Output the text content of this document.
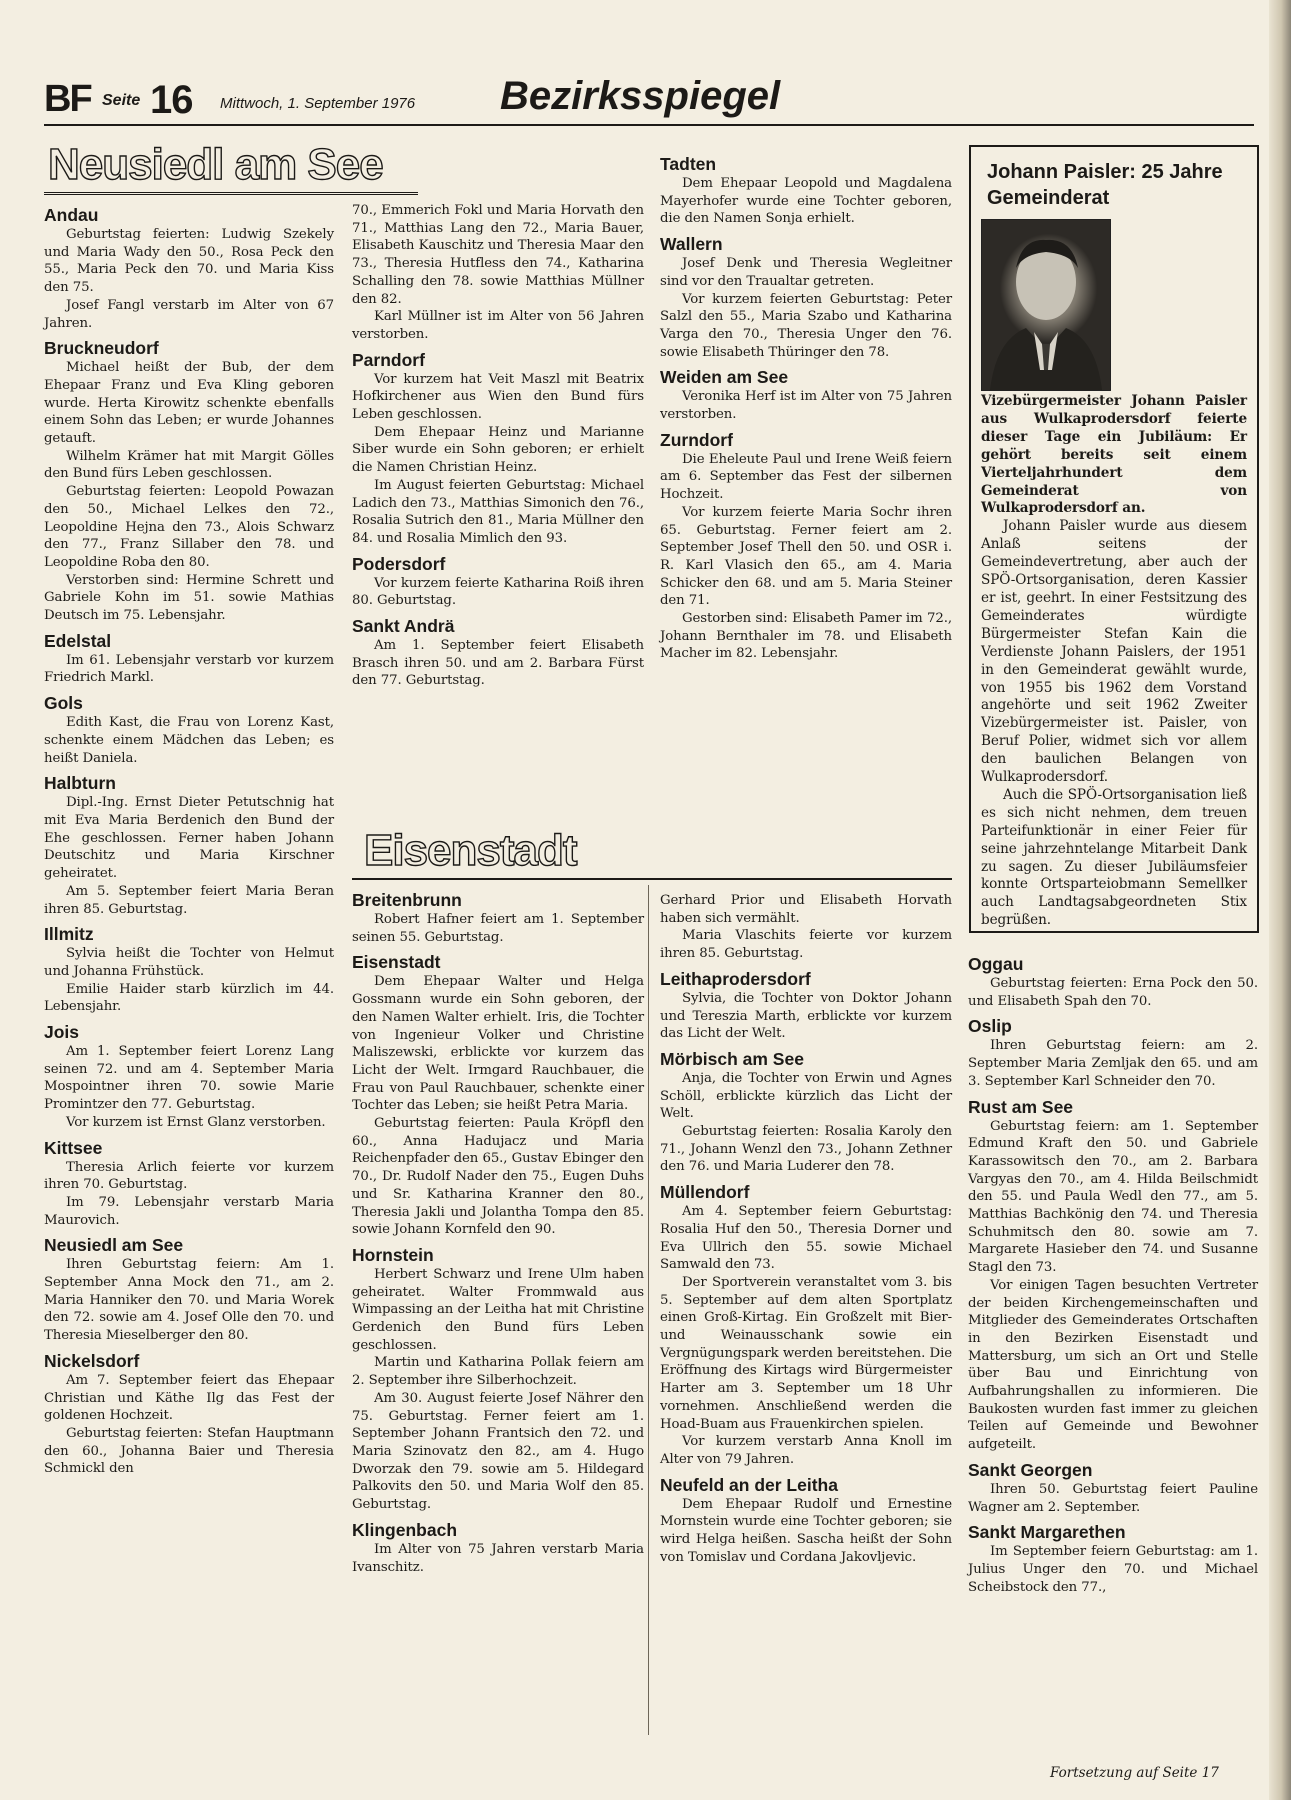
BF Seite 16 Mittwoch, 1. September 1976 Bezirksspiegel
Neusiedl am See
Andau

Geburtstag feierten: Ludwig Szekely und Maria Wady den 50., Rosa Peck den 55., Maria Peck den 70. und Maria Kiss den 75.

Josef Fangl verstarb im Alter von 67 Jahren.

Bruckneudorf

Michael heißt der Bub, der dem Ehepaar Franz und Eva Kling geboren wurde. Herta Kirowitz schenkte ebenfalls einem Sohn das Leben; er wurde Johannes getauft.

Wilhelm Krämer hat mit Margit Gölles den Bund fürs Leben geschlossen.

Geburtstag feierten: Leopold Powazan den 50., Michael Lelkes den 72., Leopoldine Hejna den 73., Alois Schwarz den 77., Franz Sillaber den 78. und Leopoldine Roba den 80.

Verstorben sind: Hermine Schrett und Gabriele Kohn im 51. sowie Mathias Deutsch im 75. Lebensjahr.

Edelstal

Im 61. Lebensjahr verstarb vor kurzem Friedrich Markl.

Gols

Edith Kast, die Frau von Lorenz Kast, schenkte einem Mädchen das Leben; es heißt Daniela.

Halbturn

Dipl.-Ing. Ernst Dieter Petutschnig hat mit Eva Maria Berdenich den Bund der Ehe geschlossen. Ferner haben Johann Deutschitz und Maria Kirschner geheiratet.

Am 5. September feiert Maria Beran ihren 85. Geburtstag.

Illmitz

Sylvia heißt die Tochter von Helmut und Johanna Frühstück.

Emilie Haider starb kürzlich im 44. Lebensjahr.

Jois

Am 1. September feiert Lorenz Lang seinen 72. und am 4. September Maria Mospointner ihren 70. sowie Marie Promintzer den 77. Geburtstag.

Vor kurzem ist Ernst Glanz verstorben.

Kittsee

Theresia Arlich feierte vor kurzem ihren 70. Geburtstag.

Im 79. Lebensjahr verstarb Maria Maurovich.

Neusiedl am See

Ihren Geburtstag feiern: Am 1. September Anna Mock den 71., am 2. Maria Hanniker den 70. und Maria Worek den 72. sowie am 4. Josef Olle den 70. und Theresia Mieselberger den 80.

Nickelsdorf

Am 7. September feiert das Ehepaar Christian und Käthe Ilg das Fest der goldenen Hochzeit.

Geburtstag feierten: Stefan Hauptmann den 60., Johanna Baier und Theresia Schmickl den

70., Emmerich Fokl und Maria Horvath den 71., Matthias Lang den 72., Maria Bauer, Elisabeth Kauschitz und Theresia Maar den 73., Theresia Hutfless den 74., Katharina Schalling den 78. sowie Matthias Müllner den 82.

Karl Müllner ist im Alter von 56 Jahren verstorben.

Parndorf

Vor kurzem hat Veit Maszl mit Beatrix Hofkirchener aus Wien den Bund fürs Leben geschlossen.

Dem Ehepaar Heinz und Marianne Siber wurde ein Sohn geboren; er erhielt die Namen Christian Heinz.

Im August feierten Geburtstag: Michael Ladich den 73., Matthias Simonich den 76., Rosalia Sutrich den 81., Maria Müllner den 84. und Rosalia Mimlich den 93.

Podersdorf

Vor kurzem feierte Katharina Roiß ihren 80. Geburtstag.

Sankt Andrä

Am 1. September feiert Elisabeth Brasch ihren 50. und am 2. Barbara Fürst den 77. Geburtstag.

Tadten

Dem Ehepaar Leopold und Magdalena Mayerhofer wurde eine Tochter geboren, die den Namen Sonja erhielt.

Wallern

Josef Denk und Theresia Wegleitner sind vor den Traualtar getreten.

Vor kurzem feierten Geburtstag: Peter Salzl den 55., Maria Szabo und Katharina Varga den 70., Theresia Unger den 76. sowie Elisabeth Thüringer den 78.

Weiden am See

Veronika Herf ist im Alter von 75 Jahren verstorben.

Zurndorf

Die Eheleute Paul und Irene Weiß feiern am 6. September das Fest der silbernen Hochzeit.

Vor kurzem feierte Maria Sochr ihren 65. Geburtstag. Ferner feiert am 2. September Josef Thell den 50. und OSR i. R. Karl Vlasich den 65., am 4. Maria Schicker den 68. und am 5. Maria Steiner den 71.

Gestorben sind: Elisabeth Pamer im 72., Johann Bernthaler im 78. und Elisabeth Macher im 82. Lebensjahr.

Eisenstadt
Breitenbrunn

Robert Hafner feiert am 1. September seinen 55. Geburtstag.

Eisenstadt

Dem Ehepaar Walter und Helga Gossmann wurde ein Sohn geboren, der den Namen Walter erhielt. Iris, die Tochter von Ingenieur Volker und Christine Maliszewski, erblickte vor kurzem das Licht der Welt. Irmgard Rauchbauer, die Frau von Paul Rauchbauer, schenkte einer Tochter das Leben; sie heißt Petra Maria.

Geburtstag feierten: Paula Kröpfl den 60., Anna Hadujacz und Maria Reichenpfader den 65., Gustav Ebinger den 70., Dr. Rudolf Nader den 75., Eugen Duhs und Sr. Katharina Kranner den 80., Theresia Jakli und Jolantha Tompa den 85. sowie Johann Kornfeld den 90.

Hornstein

Herbert Schwarz und Irene Ulm haben geheiratet. Walter Frommwald aus Wimpassing an der Leitha hat mit Christine Gerdenich den Bund fürs Leben geschlossen.

Martin und Katharina Pollak feiern am 2. September ihre Silberhochzeit.

Am 30. August feierte Josef Nährer den 75. Geburtstag. Ferner feiert am 1. September Johann Frantsich den 72. und Maria Szinovatz den 82., am 4. Hugo Dworzak den 79. sowie am 5. Hildegard Palkovits den 50. und Maria Wolf den 85. Geburtstag.

Klingenbach

Im Alter von 75 Jahren verstarb Maria Ivanschitz.

Gerhard Prior und Elisabeth Horvath haben sich vermählt.

Maria Vlaschits feierte vor kurzem ihren 85. Geburtstag.

Leithaprodersdorf

Sylvia, die Tochter von Doktor Johann und Tereszia Marth, erblickte vor kurzem das Licht der Welt.

Mörbisch am See

Anja, die Tochter von Erwin und Agnes Schöll, erblickte kürzlich das Licht der Welt.

Geburtstag feierten: Rosalia Karoly den 71., Johann Wenzl den 73., Johann Zethner den 76. und Maria Luderer den 78.

Müllendorf

Am 4. September feiern Geburtstag: Rosalia Huf den 50., Theresia Dorner und Eva Ullrich den 55. sowie Michael Samwald den 73.

Der Sportverein veranstaltet vom 3. bis 5. September auf dem alten Sportplatz einen Groß-Kirtag. Ein Großzelt mit Bier- und Weinausschank sowie ein Vergnügungspark werden bereitstehen. Die Eröffnung des Kirtags wird Bürgermeister Harter am 3. September um 18 Uhr vornehmen. Anschließend werden die Hoad-Buam aus Frauenkirchen spielen.

Vor kurzem verstarb Anna Knoll im Alter von 79 Jahren.

Neufeld an der Leitha

Dem Ehepaar Rudolf und Ernestine Mornstein wurde eine Tochter geboren; sie wird Helga heißen. Sascha heißt der Sohn von Tomislav und Cordana Jakovljevic.

Johann Paisler: 25 Jahre Gemeinderat

Vizebürgermeister Johann Paisler aus Wulkaprodersdorf feierte dieser Tage ein Jubiläum: Er gehört bereits seit einem Vierteljahrhundert dem Gemeinderat von Wulkaprodersdorf an.

Johann Paisler wurde aus diesem Anlaß seitens der Gemeindevertretung, aber auch der SPÖ-Ortsorganisation, deren Kassier er ist, geehrt. In einer Festsitzung des Gemeinderates würdigte Bürgermeister Stefan Kain die Verdienste Johann Paislers, der 1951 in den Gemeinderat gewählt wurde, von 1955 bis 1962 dem Vorstand angehörte und seit 1962 Zweiter Vizebürgermeister ist. Paisler, von Beruf Polier, widmet sich vor allem den baulichen Belangen von Wulkaprodersdorf.

Auch die SPÖ-Ortsorganisation ließ es sich nicht nehmen, dem treuen Parteifunktionär in einer Feier für seine jahrzehntelange Mitarbeit Dank zu sagen. Zu dieser Jubiläumsfeier konnte Ortsparteiobmann Semellker auch Landtagsabgeordneten Stix begrüßen.

Oggau

Geburtstag feierten: Erna Pock den 50. und Elisabeth Spah den 70.

Oslip

Ihren Geburtstag feiern: am 2. September Maria Zemljak den 65. und am 3. September Karl Schneider den 70.

Rust am See

Geburtstag feiern: am 1. September Edmund Kraft den 50. und Gabriele Karassowitsch den 70., am 2. Barbara Vargyas den 70., am 4. Hilda Beilschmidt den 55. und Paula Wedl den 77., am 5. Matthias Bachkönig den 74. und Theresia Schuhmitsch den 80. sowie am 7. Margarete Hasieber den 74. und Susanne Stagl den 73.

Vor einigen Tagen besuchten Vertreter der beiden Kirchengemeinschaften und Mitglieder des Gemeinderates Ortschaften in den Bezirken Eisenstadt und Mattersburg, um sich an Ort und Stelle über Bau und Einrichtung von Aufbahrungshallen zu informieren. Die Baukosten wurden fast immer zu gleichen Teilen auf Gemeinde und Bewohner aufgeteilt.

Sankt Georgen

Ihren 50. Geburtstag feiert Pauline Wagner am 2. September.

Sankt Margarethen

Im September feiern Geburtstag: am 1. Julius Unger den 70. und Michael Scheibstock den 77.,

Fortsetzung auf Seite 17
